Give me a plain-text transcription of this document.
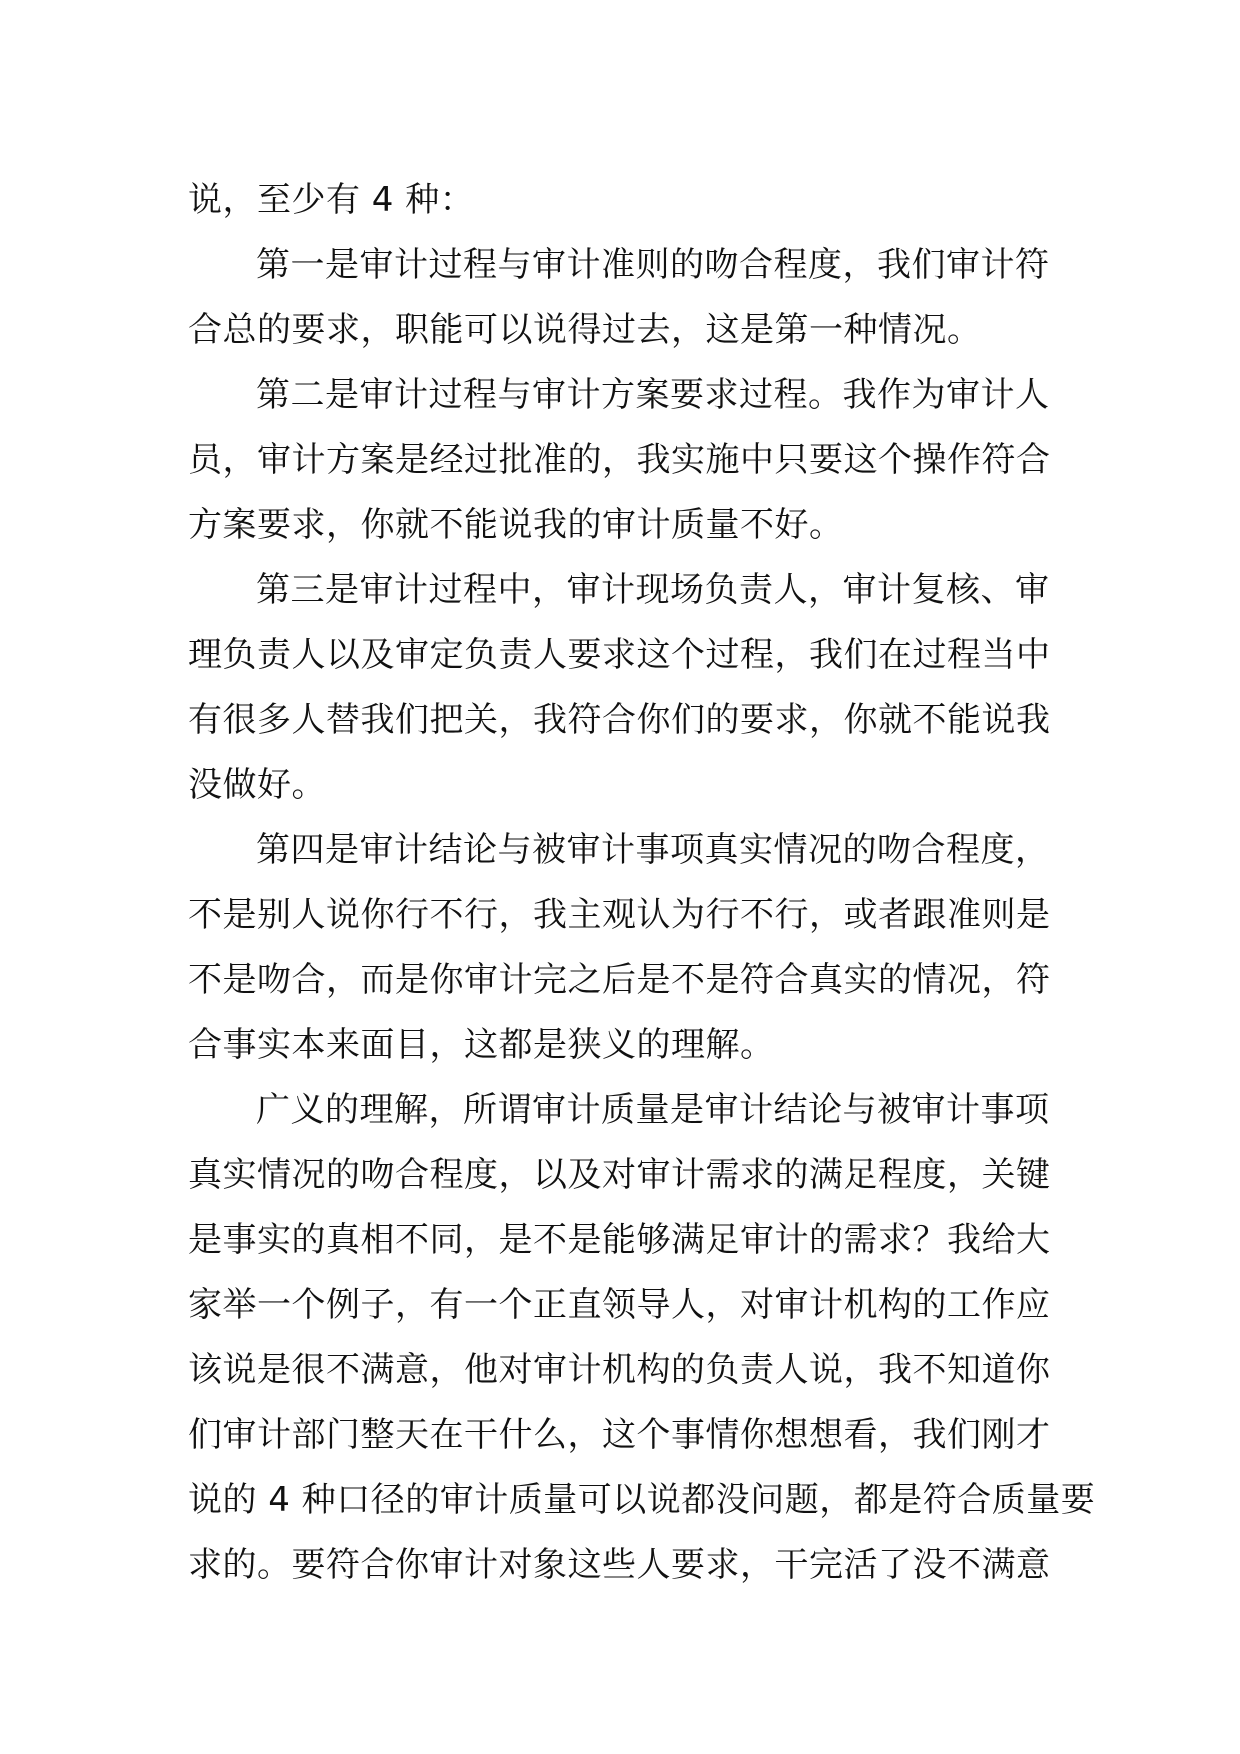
说，至少有 4 种：
第一是审计过程与审计准则的吻合程度，我们审计符
合总的要求，职能可以说得过去，这是第一种情况。
第二是审计过程与审计方案要求过程。我作为审计人
员，审计方案是经过批准的，我实施中只要这个操作符合
方案要求，你就不能说我的审计质量不好。
第三是审计过程中，审计现场负责人，审计复核、审
理负责人以及审定负责人要求这个过程，我们在过程当中
有很多人替我们把关，我符合你们的要求，你就不能说我
没做好。
第四是审计结论与被审计事项真实情况的吻合程度，
不是别人说你行不行，我主观认为行不行，或者跟准则是
不是吻合，而是你审计完之后是不是符合真实的情况，符
合事实本来面目，这都是狭义的理解。
广义的理解，所谓审计质量是审计结论与被审计事项
真实情况的吻合程度，以及对审计需求的满足程度，关键
是事实的真相不同，是不是能够满足审计的需求？我给大
家举一个例子，有一个正直领导人，对审计机构的工作应
该说是很不满意，他对审计机构的负责人说，我不知道你
们审计部门整天在干什么，这个事情你想想看，我们刚才
说的 4 种口径的审计质量可以说都没问题，都是符合质量要
求的。要符合你审计对象这些人要求，干完活了没不满意
